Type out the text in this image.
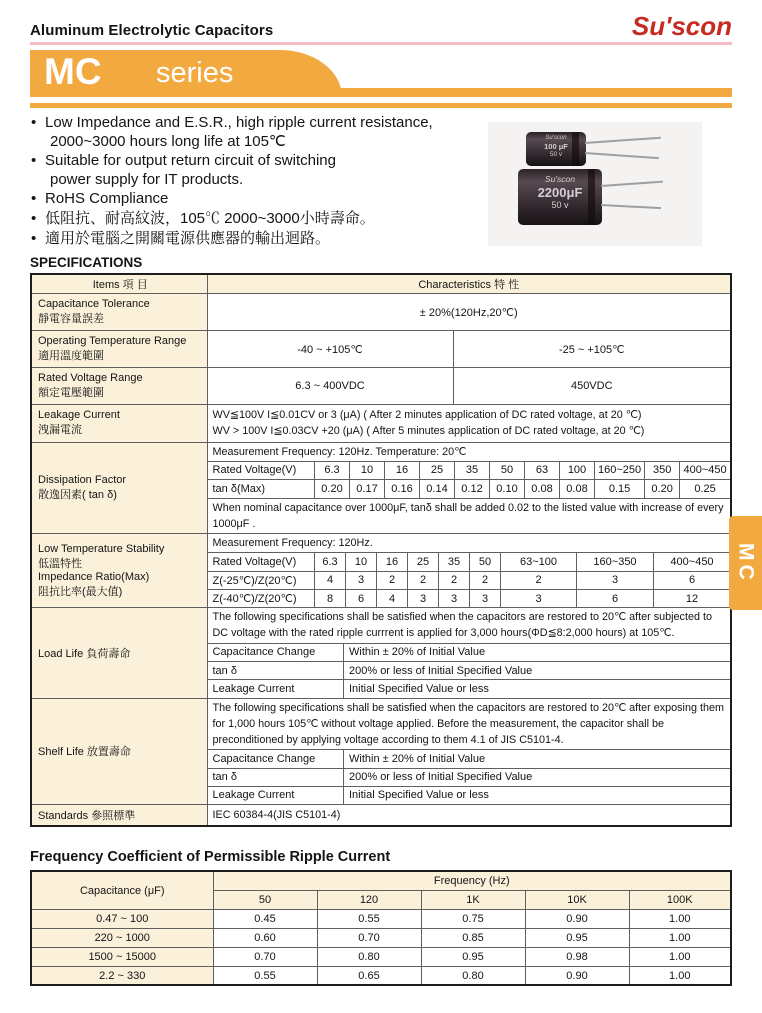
Aluminum Electrolytic Capacitors	Su'scon
MC series
• Low Impedance and E.S.R., high ripple current resistance,
2000~3000 hours long life at 105℃
• Suitable for output return circuit of switching
power supply for IT products.
• RoHS Compliance
• 低阻抗、耐高紋波，105℃ 2000~3000小時壽命。
• 適用於電腦之開關電源供應器的輸出迴路。
Su'scon
100 μF
50 v
Su'scon
2200μF
50 v
SPECIFICATIONS
Items 項 目	Characteristics 特 性

Capacitance Tolerance
靜電容量誤差
	± 20%(120Hz,20℃)

Operating Temperature Range
適用溫度範圍
	-40 ~ +105℃	-25 ~ +105℃

Rated Voltage Range
額定電壓範圍
	6.3 ~ 400VDC	450VDC

Leakage Current
洩漏電流

WV≦100V I≦0.01CV or 3 (μA) ( After 2 minutes application of DC rated voltage, at 20 ℃)
WV > 100V I≦0.03CV +20 (μA) ( After 5 minutes application of DC rated voltage, at 20 ℃)

Dissipation Factor
散逸因素( tan δ)

Measurement Frequency: 120Hz. Temperature: 20℃
Rated Voltage(V)	6.3	10	16	25	35	50	63	100	160~250	350	400~450
tan δ(Max)	0.20	0.17	0.16	0.14	0.12	0.10	0.08	0.08	0.15	0.20	0.25
When nominal capacitance over 1000μF, tanδ shall be added 0.02 to the listed value with increase of every 1000μF .

Low Temperature Stability
低溫特性
Impedance Ratio(Max)
阻抗比率(最大值)

Measurement Frequency: 120Hz.
Rated Voltage(V)	6.3	10	16	25	35	50	63~100	160~350	400~450
Z(-25℃)/Z(20℃)	4	3	2	2	2	2	2	3	6
Z(-40℃)/Z(20℃)	8	6	4	3	3	3	3	6	12

Load Life 負荷壽命	
The following specifications shall be satisfied when the capacitors are restored to 20℃ after subjected to DC voltage with the rated ripple currrent is applied for 3,000 hours(ΦD≦8:2,000 hours) at 105℃.
Capacitance Change	Within ± 20% of Initial Value
tan δ	200% or less of Initial Specified Value
Leakage Current	Initial Specified Value or less

Shelf Life 放置壽命	
The following specifications shall be satisfied when the capacitors are restored to 20℃ after exposing them for 1,000 hours 105℃ without voltage applied. Before the measurement, the capacitor shall be preconditioned by applying voltage according to them 4.1 of JIS C5101-4.
Capacitance Change	Within ± 20% of Initial Value
tan δ	200% or less of Initial Specified Value
Leakage Current	Initial Specified Value or less

Standards 參照標準	IEC 60384-4(JIS C5101-4)
Frequency Coefficient of Permissible Ripple Current
Capacitance (μF)	Frequency (Hz)				
	50	120	1K	10K	100K
0.47 ~ 100	0.45	0.55	0.75	0.90	1.00
220 ~ 1000	0.60	0.70	0.85	0.95	1.00
1500 ~ 15000	0.70	0.80	0.95	0.98	1.00
2.2 ~ 330	0.55	0.65	0.80	0.90	1.00
MC
